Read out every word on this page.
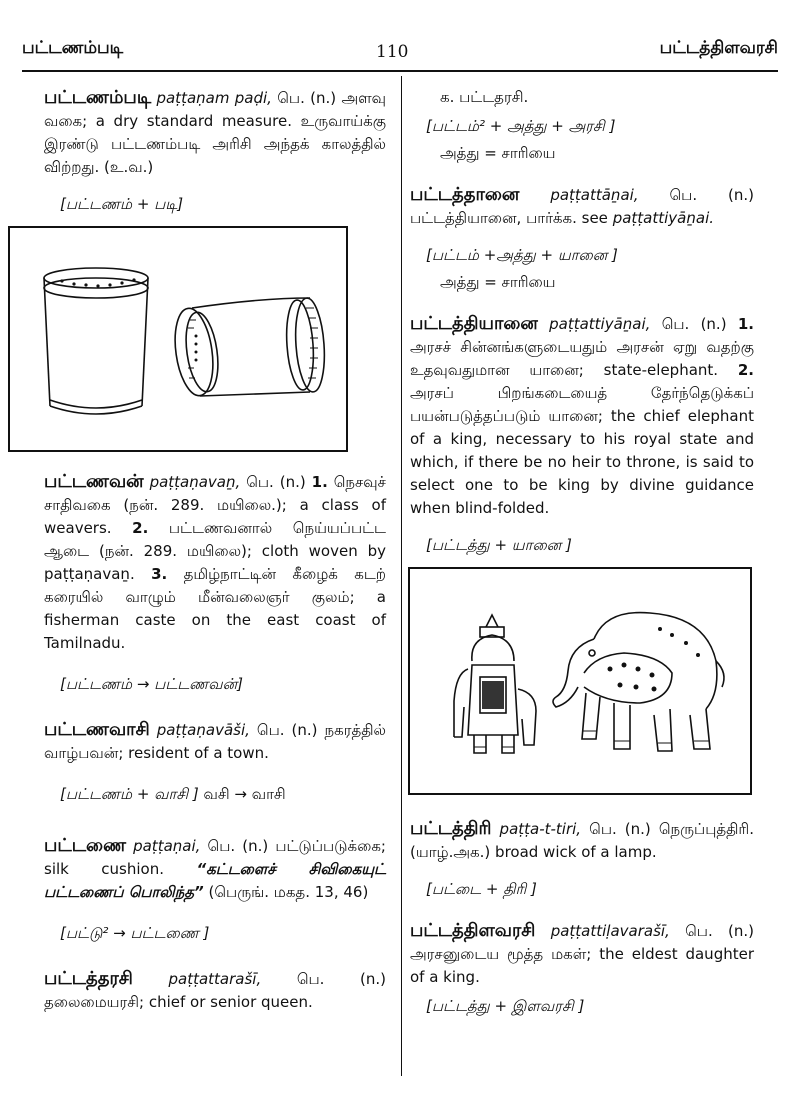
பட்டணம்படி	110	பட்டத்திளவரசி

பட்டணம்படி paṭṭaṇam paḍi, பெ. (n.) அளவு வகை; a dry standard measure. உருவாய்க்கு இரண்டு பட்டணம்படி அரிசி அந்தக் காலத்தில் விற்றது. (உ.வ.)

[பட்டணம் + படி]

பட்டணவன் paṭṭaṇavaṉ, பெ. (n.) 1. நெசவுச் சாதிவகை (நன். 289. மயிலை.); a class of weavers. 2. பட்டணவனால் நெய்யப்பட்ட ஆடை (நன். 289. மயிலை); cloth woven by paṭṭaṇavaṉ. 3. தமிழ்நாட்டின் கீழைக் கடற் கரையில் வாழும் மீன்வலைஞர் குலம்; a fisherman caste on the east coast of Tamilnadu.

[பட்டணம் → பட்டணவன்]

பட்டணவாசி paṭṭaṇavāši, பெ. (n.) நகரத்தில் வாழ்பவன்; resident of a town.

[பட்டணம் + வாசி ] வசி → வாசி

பட்டணை paṭṭaṇai, பெ. (n.) பட்டுப்படுக்கை; silk cushion. “கட்டளைச் சிவிகையுட் பட்டணைப் பொலிந்த” (பெருங். மகத. 13, 46)

[பட்டு² → பட்டணை ]

பட்டத்தரசி paṭṭattarašī, பெ. (n.) தலைமையரசி; chief or senior queen.

க. பட்டதரசி.

[பட்டம்² + அத்து + அரசி ]

அத்து = சாரியை

பட்டத்தானை paṭṭattāṉai, பெ. (n.) பட்டத்தியானை, பார்க்க. see paṭṭattiyāṉai.

[பட்டம் +அத்து + யானை ]

அத்து = சாரியை

பட்டத்தியானை paṭṭattiyāṉai, பெ. (n.) 1. அரசச் சின்னங்களுடையதும் அரசன் ஏறு வதற்கு உதவுவதுமான யானை; state-elephant. 2. அரசப் பிறங்கடையைத் தேர்ந்தெடுக்கப் பயன்படுத்தப்படும் யானை; the chief elephant of a king, necessary to his royal state and which, if there be no heir to throne, is said to select one to be king by divine guidance when blind-folded.

[பட்டத்து + யானை ]

பட்டத்திரி paṭṭa-t-tiri, பெ. (n.) நெருப்புத்திரி. (யாழ்.அக.) broad wick of a lamp.

[பட்டை + திரி ]

பட்டத்திளவரசி paṭṭattiḷavarašī, பெ. (n.) அரசனுடைய மூத்த மகள்; the eldest daughter of a king.

[பட்டத்து + இளவரசி ]
